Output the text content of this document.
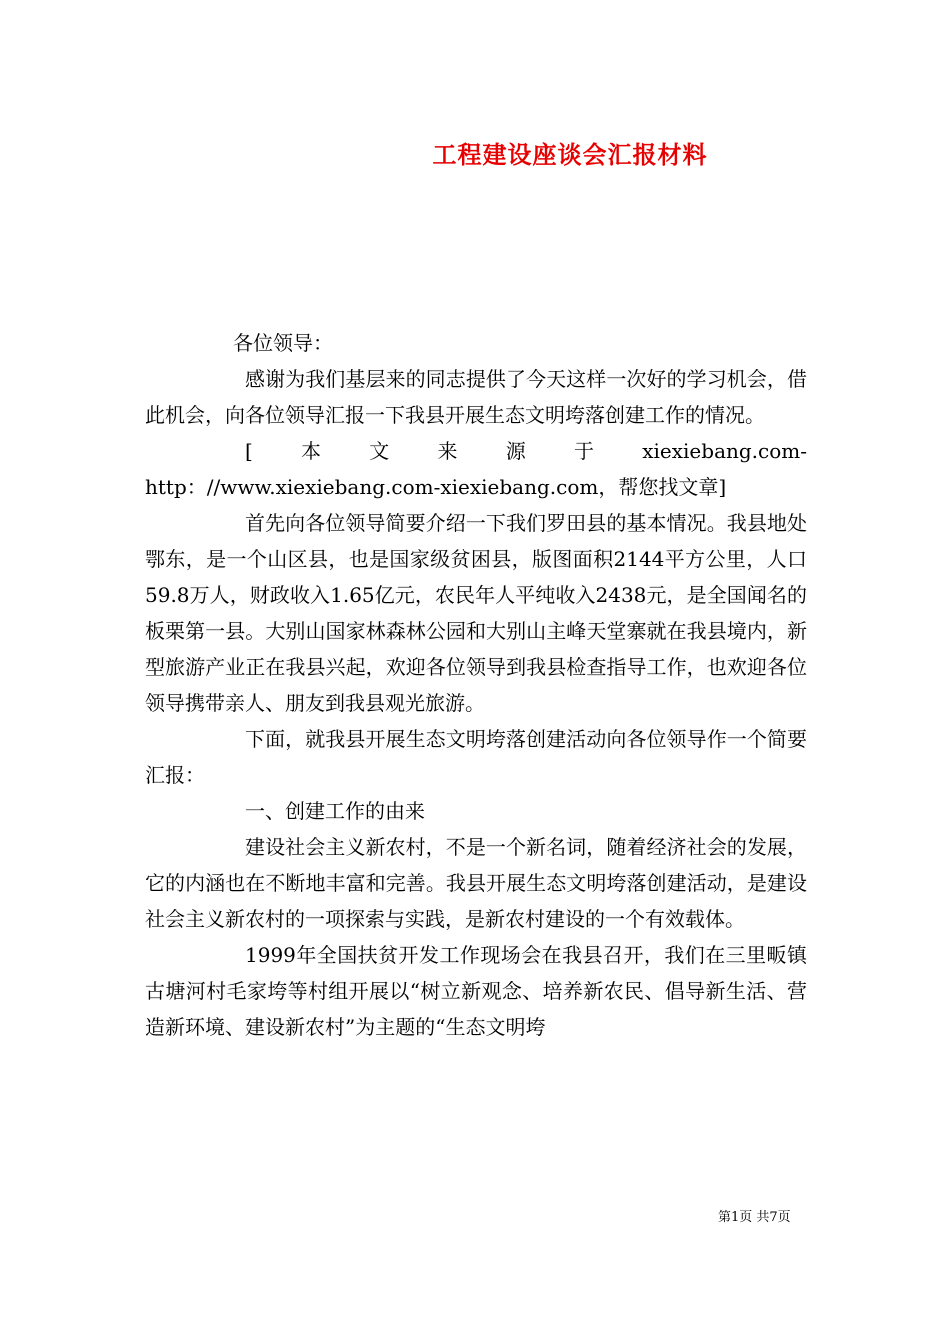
工程建设座谈会汇报材料

各位领导：

感谢为我们基层来的同志提供了今天这样一次好的学习机会，借此机会，向各位领导汇报一下我县开展生态文明垮落创建工作的情况。

[本文来源于xiexiebang.com-http：//www.xiexiebang.com-xiexiebang.com，帮您找文章]

首先向各位领导简要介绍一下我们罗田县的基本情况。我县地处鄂东，是一个山区县，也是国家级贫困县，版图面积2144平方公里，人口59.8万人，财政收入1.65亿元，农民年人平纯收入2438元，是全国闻名的板栗第一县。大别山国家林森林公园和大别山主峰天堂寨就在我县境内，新型旅游产业正在我县兴起，欢迎各位领导到我县检查指导工作，也欢迎各位领导携带亲人、朋友到我县观光旅游。

下面，就我县开展生态文明垮落创建活动向各位领导作一个简要汇报：

一、创建工作的由来

建设社会主义新农村，不是一个新名词，随着经济社会的发展，它的内涵也在不断地丰富和完善。我县开展生态文明垮落创建活动，是建设社会主义新农村的一项探索与实践，是新农村建设的一个有效载体。

1999年全国扶贫开发工作现场会在我县召开，我们在三里畈镇古塘河村毛家垮等村组开展以“树立新观念、培养新农民、倡导新生活、营造新环境、建设新农村”为主题的“生态文明垮

第1页 共7页
